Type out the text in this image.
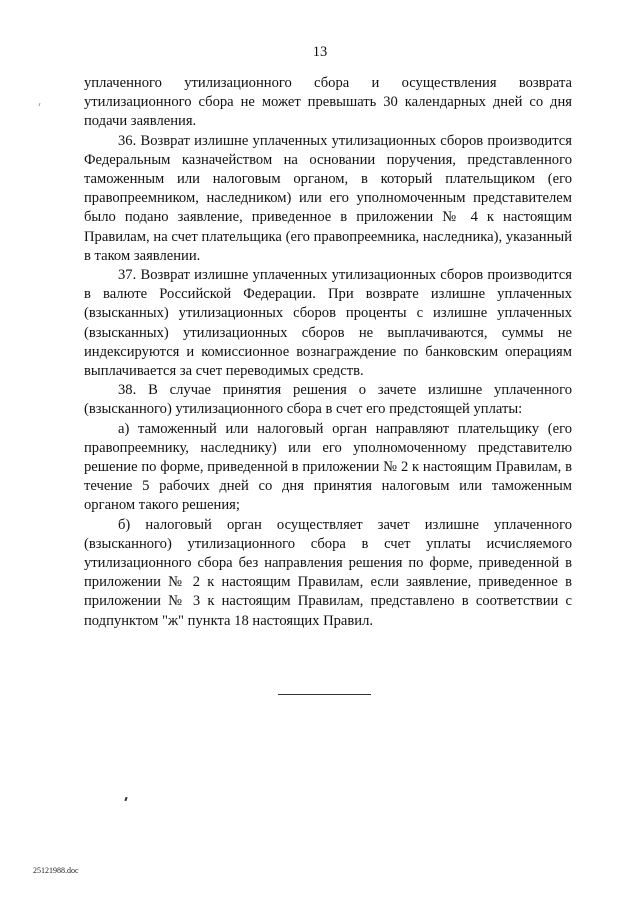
13

уплаченного утилизационного сбора и осуществления возврата утилизационного сбора не может превышать 30 календарных дней со дня подачи заявления.

36. Возврат излишне уплаченных утилизационных сборов производится Федеральным казначейством на основании поручения, представленного таможенным или налоговым органом, в который плательщиком (его правопреемником, наследником) или его уполномоченным представителем было подано заявление, приведенное в приложении № 4 к настоящим Правилам, на счет плательщика (его правопреемника, наследника), указанный в таком заявлении.

37. Возврат излишне уплаченных утилизационных сборов производится в валюте Российской Федерации. При возврате излишне уплаченных (взысканных) утилизационных сборов проценты с излишне уплаченных (взысканных) утилизационных сборов не выплачиваются, суммы не индексируются и комиссионное вознаграждение по банковским операциям выплачивается за счет переводимых средств.

38. В случае принятия решения о зачете излишне уплаченного (взысканного) утилизационного сбора в счет его предстоящей уплаты:

а) таможенный или налоговый орган направляют плательщику (его правопреемнику, наследнику) или его уполномоченному представителю решение по форме, приведенной в приложении № 2 к настоящим Правилам, в течение 5 рабочих дней со дня принятия налоговым или таможенным органом такого решения;

б) налоговый орган осуществляет зачет излишне уплаченного (взысканного) утилизационного сбора в счет уплаты исчисляемого утилизационного сбора без направления решения по форме, приведенной в приложении № 2 к настоящим Правилам, если заявление, приведенное в приложении № 3 к настоящим Правилам, представлено в соответствии с подпунктом "ж" пункта 18 настоящих Правил.

25121988.doc
